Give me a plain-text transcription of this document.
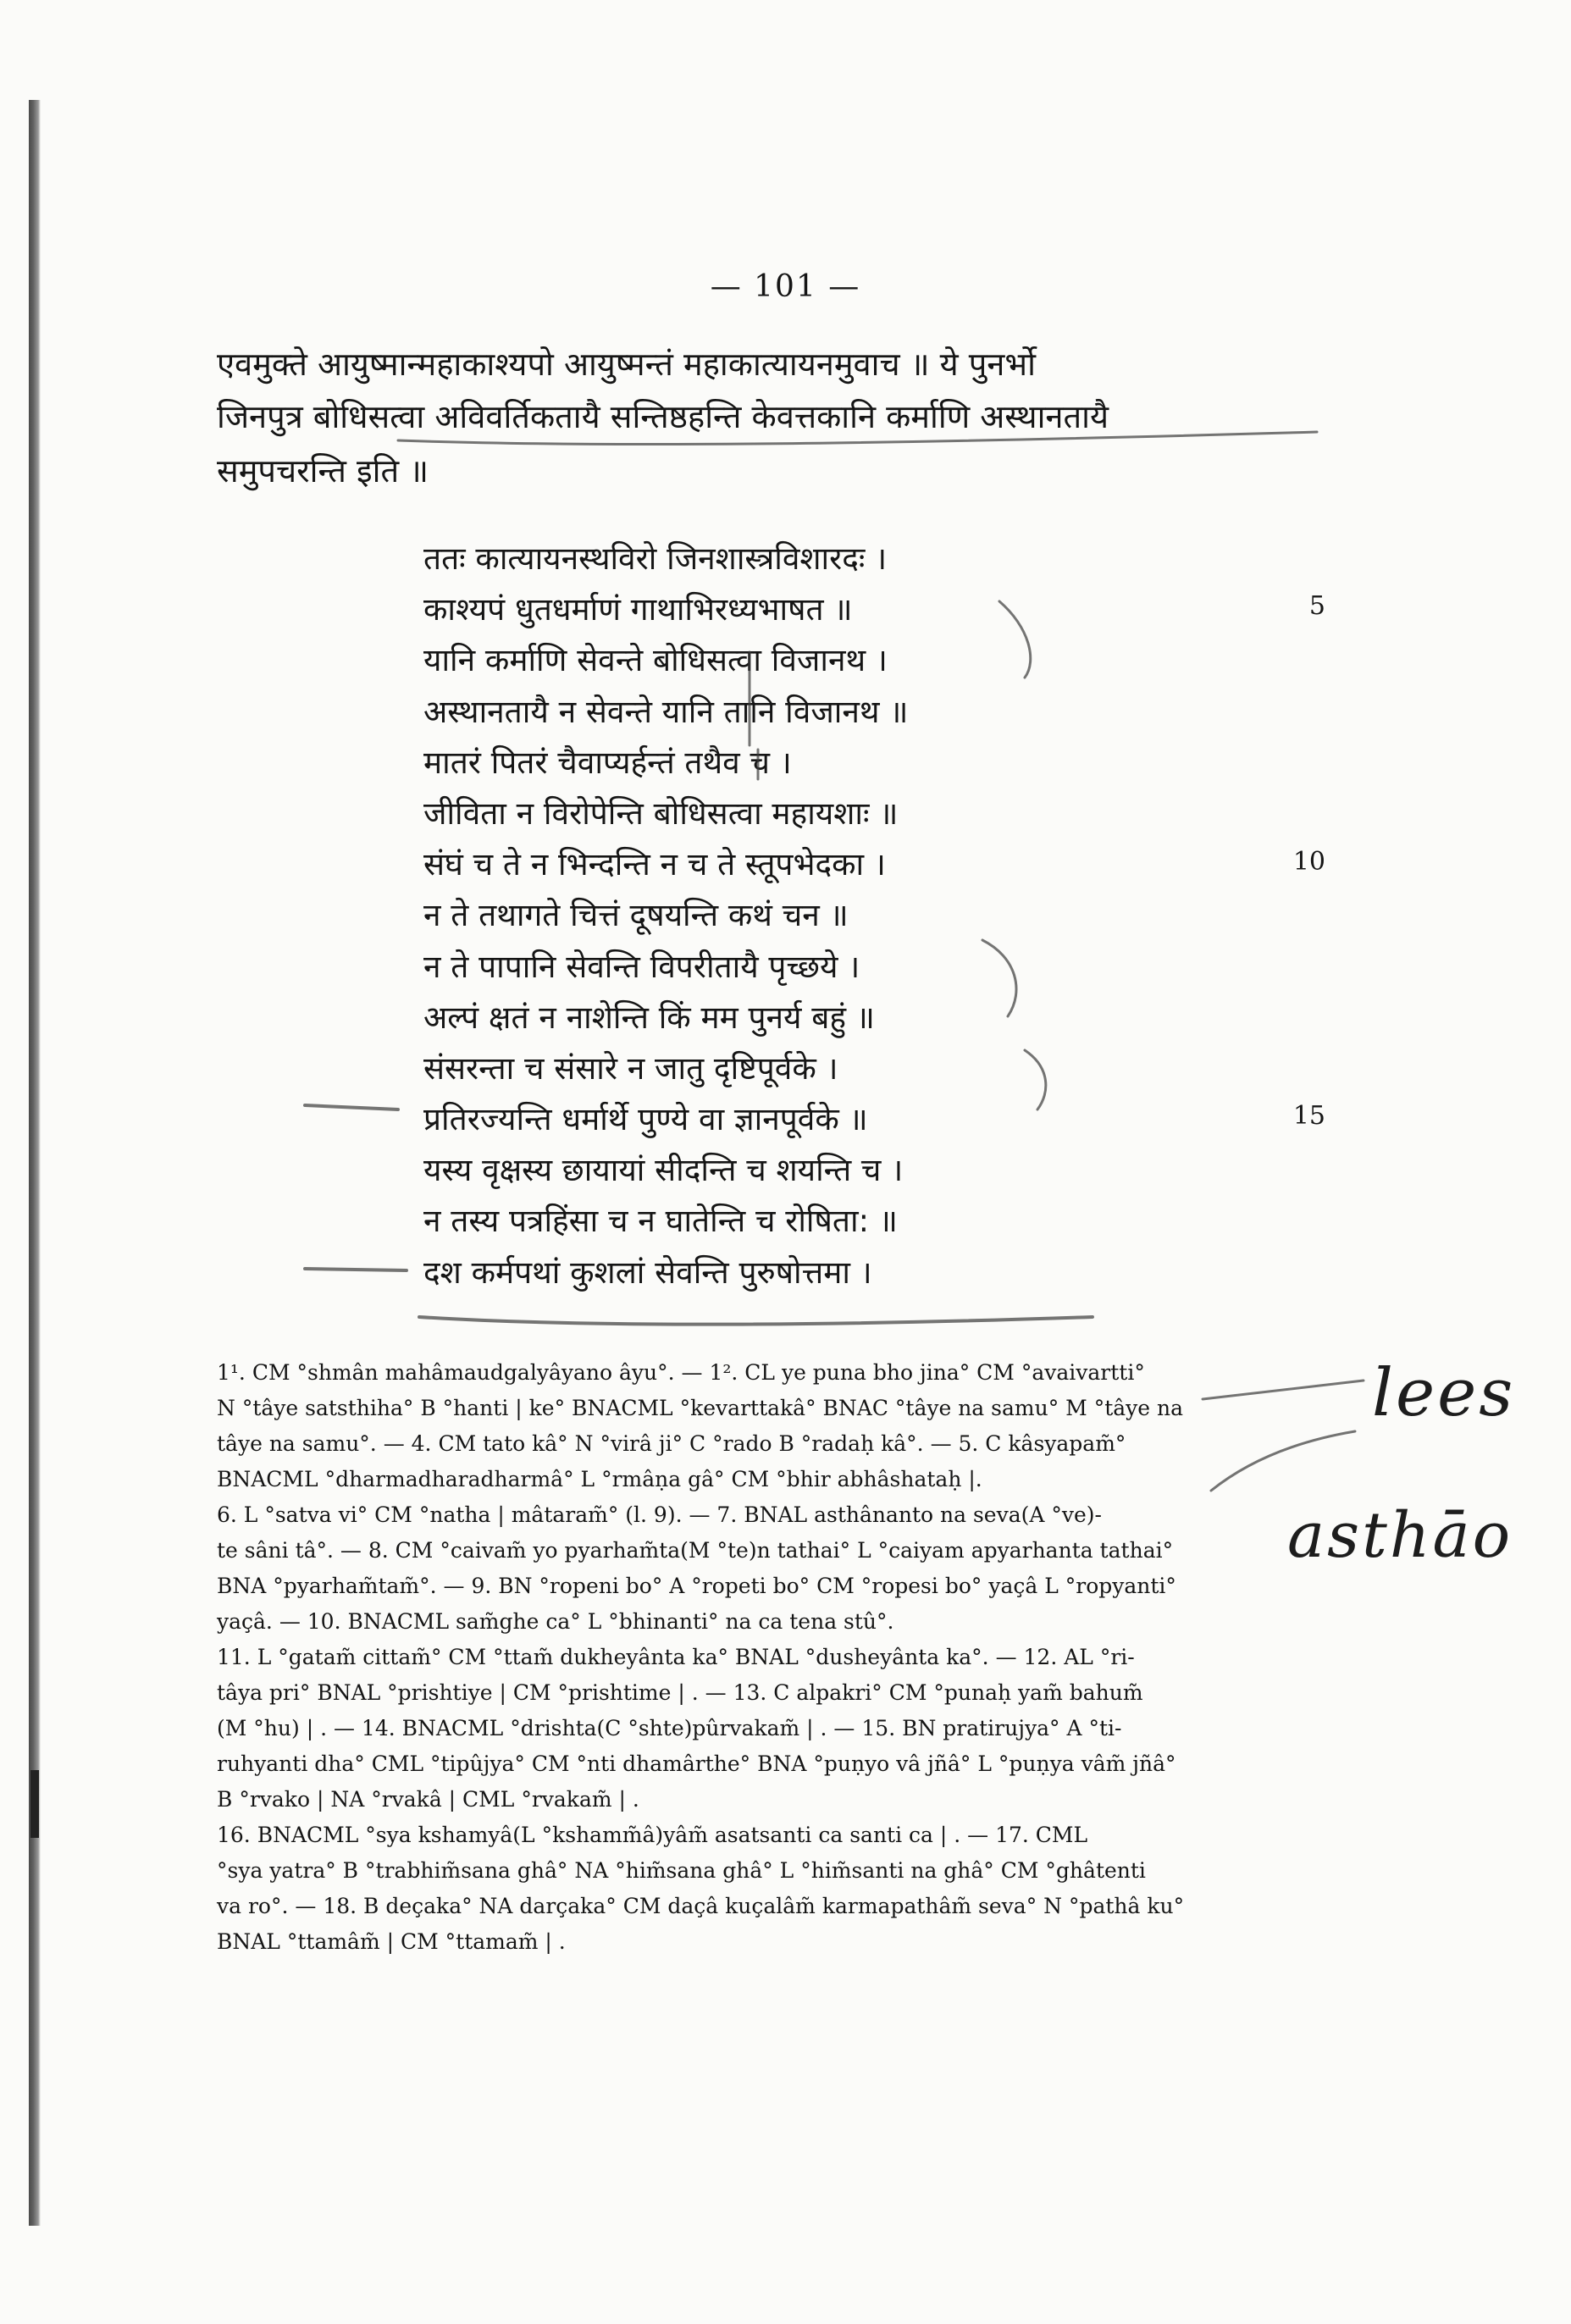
— 101 —
एवमुक्ते आयुष्मान्महाकाश्यपो आयुष्मन्तं महाकात्यायनमुवाच ॥ ये पुनर्भो
जिनपुत्र बोधिसत्वा अविवर्तिकतायै सन्तिष्ठहन्ति केवत्तकानि कर्माणि अस्थानतायै
समुपचरन्ति इति ॥
ततः कात्यायनस्थविरो जिनशास्त्रविशारदः ।
काश्यपं धुतधर्माणं गाथाभिरध्यभाषत ॥
यानि कर्माणि सेवन्ते बोधिसत्वा विजानथ ।
अस्थानतायै न सेवन्ते यानि तानि विजानथ ॥
मातरं पितरं चैवाप्यर्हन्तं तथैव च ।
जीविता न विरोपेन्ति बोधिसत्वा महायशाः ॥
संघं च ते न भिन्दन्ति न च ते स्तूपभेदका ।
न ते तथागते चित्तं दूषयन्ति कथं चन ॥
न ते पापानि सेवन्ति विपरीतायै पृच्छये ।
अल्पं क्षतं न नाशेन्ति किं मम पुनर्य बहुं ॥
संसरन्ता च संसारे न जातु दृष्टिपूर्वके ।
प्रतिरज्यन्ति धर्मार्थे पुण्ये वा ज्ञानपूर्वके ॥
यस्य वृक्षस्य छायायां सीदन्ति च शयन्ति च ।
न तस्य पत्रहिंसा च न घातेन्ति च रोषिता: ॥
दश कर्मपथां कुशलां सेवन्ति पुरुषोत्तमा ।
5
10
15
1¹. CM °shmân mahâmaudgalyâyano âyu°. — 1². CL ye puna bho jina° CM °avaivartti°
N °tâye satsthiha° B °hanti | ke° BNACML °kevarttakâ° BNAC °tâye na samu° M °tâye na
tâye na samu°. — 4. CM tato kâ° N °virâ ji° C °rado B °radaḥ kâ°. — 5. C kâsyapam̃°
BNACML °dharmadharadharmâ° L °rmâṇa gâ° CM °bhir abhâshataḥ |.
6. L °satva vi° CM °natha | mâtaram̃° (l. 9). — 7. BNAL asthânanto na seva(A °ve)-
te sâni tâ°. — 8. CM °caivam̃ yo pyarham̃ta(M °te)n tathai° L °caiyam apyarhanta tathai°
BNA °pyarham̃tam̃°. — 9. BN °ropeni bo° A °ropeti bo° CM °ropesi bo° yaçâ L °ropyanti°
yaçâ. — 10. BNACML sam̃ghe ca° L °bhinanti° na ca tena stû°.
11. L °gatam̃ cittam̃° CM °ttam̃ dukheyânta ka° BNAL °dusheyânta ka°. — 12. AL °ri-
tâya pri° BNAL °prishtiye | CM °prishtime | . — 13. C alpakri° CM °punaḥ yam̃ bahum̃
(M °hu) | . — 14. BNACML °drishta(C °shte)pûrvakam̃ | . — 15. BN pratirujya° A °ti-
ruhyanti dha° CML °tipûjya° CM °nti dhamârthe° BNA °puṇyo vâ jñâ° L °puṇya vâm̃ jñâ°
B °rvako | NA °rvakâ | CML °rvakam̃ | .
16. BNACML °sya kshamyâ(L °kshamm̃â)yâm̃ asatsanti ca santi ca | . — 17. CML
°sya yatra° B °trabhim̃sana ghâ° NA °him̃sana ghâ° L °him̃santi na ghâ° CM °ghâtenti
va ro°. — 18. B deçaka° NA darçaka° CM daçâ kuçalâm̃ karmapathâm̃ seva° N °pathâ ku°
BNAL °ttamâm̃ | CM °ttamam̃ | .
lees
asthāo
